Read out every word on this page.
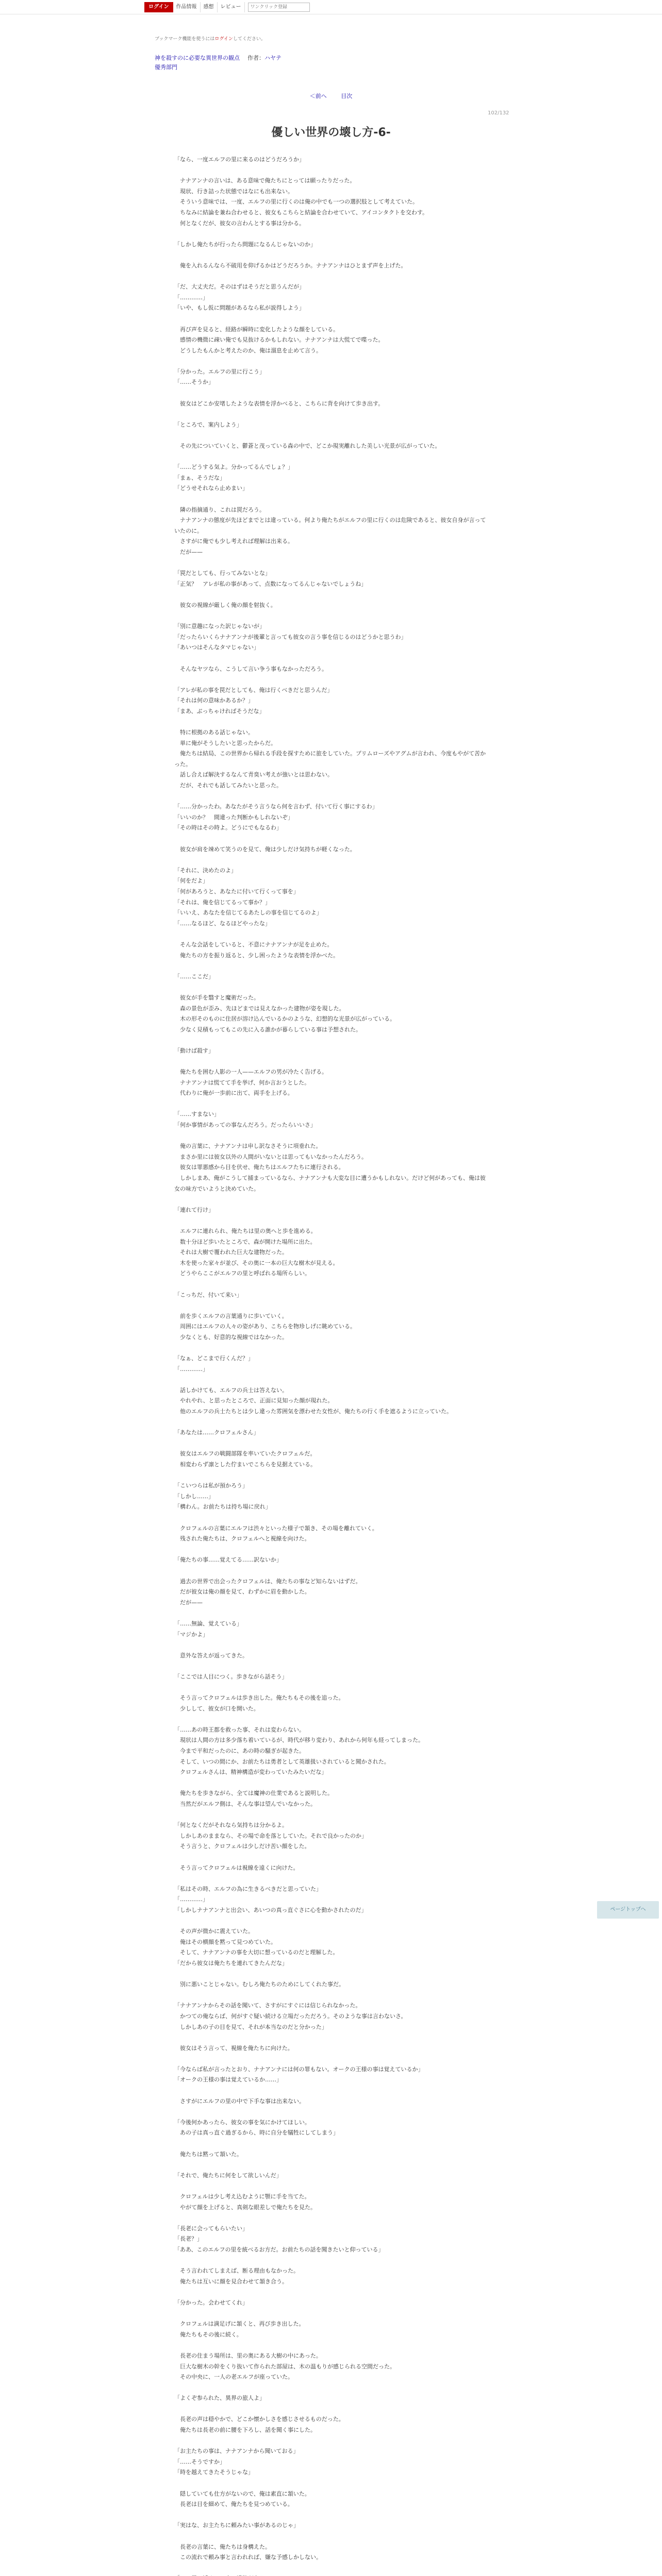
ログイン	作品情報	感想	レビュー
ワンクリック登録
ブックマーク機能を使うにはログインしてください。
神を殺すのに必要な異世界の観点 作者：ハヤテ
優秀部門
＜前へ	目次
102/132
優しい世界の壊し方-6-
「なら、一度エルフの里に来るのはどうだろうか」

　ナナアンナの言いは、ある意味で俺たちにとっては願ったりだった。
　現状、行き詰った状態ではなにも出来ない。
　そういう意味では、一度、エルフの里に行くのは俺の中でも一つの選択肢として考えていた。
　ちなみに結論を兼ね合わせると、彼女もこちらと結論を合わせていて、アイコンタクトを交わす。
　何となくだが、彼女の言わんとする事は分かる。

「しかし俺たちが行ったら問題になるんじゃないのか」

　俺を入れるんなら不破用を仰げるかはどうだろうか。ナナアンナはひとまず声を上げた。

「だ、大丈夫だ。そのはずはそうだと思うんだが」
「…………」
「いや、もし仮に問題があるなら私が説得しよう」

　再び声を見ると、経路が瞬時に変化したような顔をしている。
　感情の機微に疎い俺でも見抜けるかもしれない。ナナアンナは大慌てで喋った。
　どうしたもんかと考えたのか、俺は溜息を止めて言う。

「分かった。エルフの里に行こう」
「……そうか」

　彼女はどこか安堵したような表情を浮かべると、こちらに背を向けて歩き出す。

「ところで、案内しよう」

　その先についていくと、鬱蒼と茂っている森の中で、どこか現実離れした美しい光景が広がっていた。

「……どうする気よ。分かってるんでしょ？」
「まぁ、そうだな」
「どうせそれなら止めまい」

　隣の指摘通り、これは罠だろう。
　ナナアンナの態度が先ほどまでとは違っている。何より俺たちがエルフの里に行くのは危険であると、彼女自身が言っていたのに。
　さすがに俺でも少し考えれば理解は出来る。
　だが——

「罠だとしても、行ってみないとな」
「正気？　アレが私の事があって、点数になってるんじゃないでしょうね」

　彼女の視線が厳しく俺の顔を射抜く。

「別に意趣になった訳じゃないが」
「だったらいくらナナアンナが後輩と言っても彼女の言う事を信じるのはどうかと思うわ」
「あいつはそんなタマじゃない」

　そんなヤツなら、こうして言い争う事もなかっただろう。

「アレが私の事を罠だとしても、俺は行くべきだと思うんだ」
「それは何の意味かあるか？」
「まあ、ぶっちゃければそうだな」

　特に根拠のある話じゃない。
　単に俺がそうしたいと思ったからだ。
　俺たちは結局、この世界から帰れる手段を探すために旅をしていた。プリムローズやアグムが言われ、今度もやがて苦かった。
　話し合えば解決するなんて青臭い考えが強いとは思わない。
　だが、それでも話してみたいと思った。

「……分かったわ。あなたがそう言うなら何を言わず、付いて行く事にするわ」
「いいのか？　間違った判断かもしれないぞ」
「その時はその時よ。どうにでもなるわ」

　彼女が肩を竦めて笑うのを見て、俺は少しだけ気持ちが軽くなった。

「それに、決めたのよ」
「何をだよ」
「何があろうと、あなたに付いて行くって事を」
「それは、俺を信じてるって事か？」
「いいえ、あなたを信じてるあたしの事を信じてるのよ」
「……なるほど、なるほどやったな」

　そんな会話をしていると、不意にナナアンナが足を止めた。
　俺たちの方を振り返ると、少し困ったような表情を浮かべた。

「……ここだ」

　彼女が手を翳すと魔術だった。
　森の景色が歪み、先ほどまでは見えなかった建物が姿を現した。
　木の形そのものに住居が溶け込んでいるかのような、幻想的な光景が広がっている。
　少なく見積もってもこの先に入る誰かが暮らしている事は予想された。

「動けば殺す」

　俺たちを囲む人影の一人——エルフの男が冷たく告げる。
　ナナアンナは慌てて手を挙げ、何か言おうとした。
　代わりに俺が一歩前に出て、両手を上げる。

「……すまない」
「何か事情があっての事なんだろう。だったらいいさ」

　俺の言葉に、ナナアンナは申し訳なさそうに項垂れた。
　まさか里には彼女以外の人間がいないとは思ってもいなかったんだろう。
　彼女は罪悪感から目を伏せ、俺たちはエルフたちに連行される。
　しかしまあ、俺がこうして捕まっているなら、ナナアンナも大変な目に遭うかもしれない。だけど何があっても、俺は彼女の味方でいようと決めていた。

「連れて行け」

　エルフに連れられ、俺たちは里の奥へと歩を進める。
　数十分ほど歩いたところで、森が開けた場所に出た。
　それは大樹で覆われた巨大な建物だった。
　木を使った家々が並び、その奥に一本の巨大な樹木が見える。
　どうやらここがエルフの里と呼ばれる場所らしい。

「こっちだ、付いて来い」

　前を歩くエルフの言葉通りに歩いていく。
　周囲にはエルフの人々の姿があり、こちらを物珍しげに眺めている。
　少なくとも、好意的な視線ではなかった。

「なぁ、どこまで行くんだ？」
「…………」

　話しかけても、エルフの兵士は答えない。
　やれやれ、と思ったところで、正面に見知った顔が現れた。
　他のエルフの兵士たちとは少し違った雰囲気を漂わせた女性が、俺たちの行く手を遮るように立っていた。

「あなたは……クロフェルさん」

　彼女はエルフの戦闘部隊を率いていたクロフェルだ。
　相変わらず凛とした佇まいでこちらを見据えている。

「こいつらは私が預かろう」
「しかし……」
「構わん。お前たちは持ち場に戻れ」

　クロフェルの言葉にエルフは渋々といった様子で頷き、その場を離れていく。
　残された俺たちは、クロフェルへと視線を向けた。

「俺たちの事……覚えてる……訳ないか」

　過去の世界で出会ったクロフェルは、俺たちの事など知らないはずだ。
　だが彼女は俺の顔を見て、わずかに眉を動かした。
　だが——

「……無論、覚えている」
「マジかよ」

　意外な答えが返ってきた。

「ここでは人目につく。歩きながら話そう」

　そう言ってクロフェルは歩き出した。俺たちもその後を追った。
　少しして、彼女が口を開いた。

「……あの時王都を救った事、それは変わらない。
　現状は人間の方は多少落ち着いているが、時代が移り変わり、あれから何年も経ってしまった。
　今まで平和だったのに、あの時の騒ぎが起きた。
　そして、いつの間にか、お前たちは勇者として英雄扱いされていると聞かされた。
　クロフェルさんは、精神構造が変わっていたみたいだな」

　俺たちを歩きながら、全ては魔神の仕業であると説明した。
　当然だがエルフ側は、そんな事は望んでいなかった。

「何となくだがそれなら気持ちは分かるよ。
　しかしあのままなら、その場で命を落としていた。それで良かったのか」
　そう言うと、クロフェルは少しだけ苦い顔をした。

　そう言ってクロフェルは視線を遠くに向けた。

「私はその時、エルフの為に生きるべきだと思っていた」
「…………」
「しかしナナアンナと出会い、あいつの真っ直ぐさに心を動かされたのだ」

　その声が微かに震えていた。
　俺はその横顔を黙って見つめていた。
　そして、ナナアンナの事を大切に想っているのだと理解した。
「だから彼女は俺たちを連れてきたんだな」

　別に悪いことじゃない。むしろ俺たちのためにしてくれた事だ。

「ナナアンナからその話を聞いて、さすがにすぐには信じられなかった。
　かつての俺ならば、何がすぐ疑い続ける立場だっただろう。そのような事は言わないさ。
　しかしあの子の目を見て、それが本当なのだと分かった」

　彼女はそう言って、視線を俺たちに向けた。

「今ならば私が言ったとおり、ナナアンナには何の罪もない。オークの王様の事は覚えているか」
「オークの王様の事は覚えているか……」

　さすがにエルフの里の中で下手な事は出来ない。

「今後何かあったら、彼女の事を気にかけてほしい。
　あの子は真っ直ぐ過ぎるから、時に自分を犠牲にしてしまう」

　俺たちは黙って頷いた。

「それで、俺たちに何をして欲しいんだ」

　クロフェルは少し考え込むように顎に手を当てた。
　やがて顔を上げると、真剣な眼差しで俺たちを見た。

「長老に会ってもらいたい」
「長老？」
「ああ、このエルフの里を統べるお方だ。お前たちの話を聞きたいと仰っている」

　そう言われてしまえば、断る理由もなかった。
　俺たちは互いに顔を見合わせて頷き合う。

「分かった。会わせてくれ」

　クロフェルは満足げに頷くと、再び歩き出した。
　俺たちもその後に続く。

　長老の住まう場所は、里の奥にある大樹の中にあった。
　巨大な樹木の幹をくり抜いて作られた部屋は、木の温もりが感じられる空間だった。
　その中央に、一人の老エルフが座っていた。

「よくぞ参られた、異界の旅人よ」

　長老の声は穏やかで、どこか懐かしさを感じさせるものだった。
　俺たちは長老の前に腰を下ろし、話を聞く事にした。

「お主たちの事は、ナナアンナから聞いておる」
「……そうですか」
「時を越えてきたそうじゃな」

　隠していても仕方がないので、俺は素直に頷いた。
　長老は目を細めて、俺たちを見つめている。

「実はな、お主たちに頼みたい事があるのじゃ」

　長老の言葉に、俺たちは身構えた。
　この流れで頼み事と言われれば、嫌な予感しかしない。

ページトップへ
